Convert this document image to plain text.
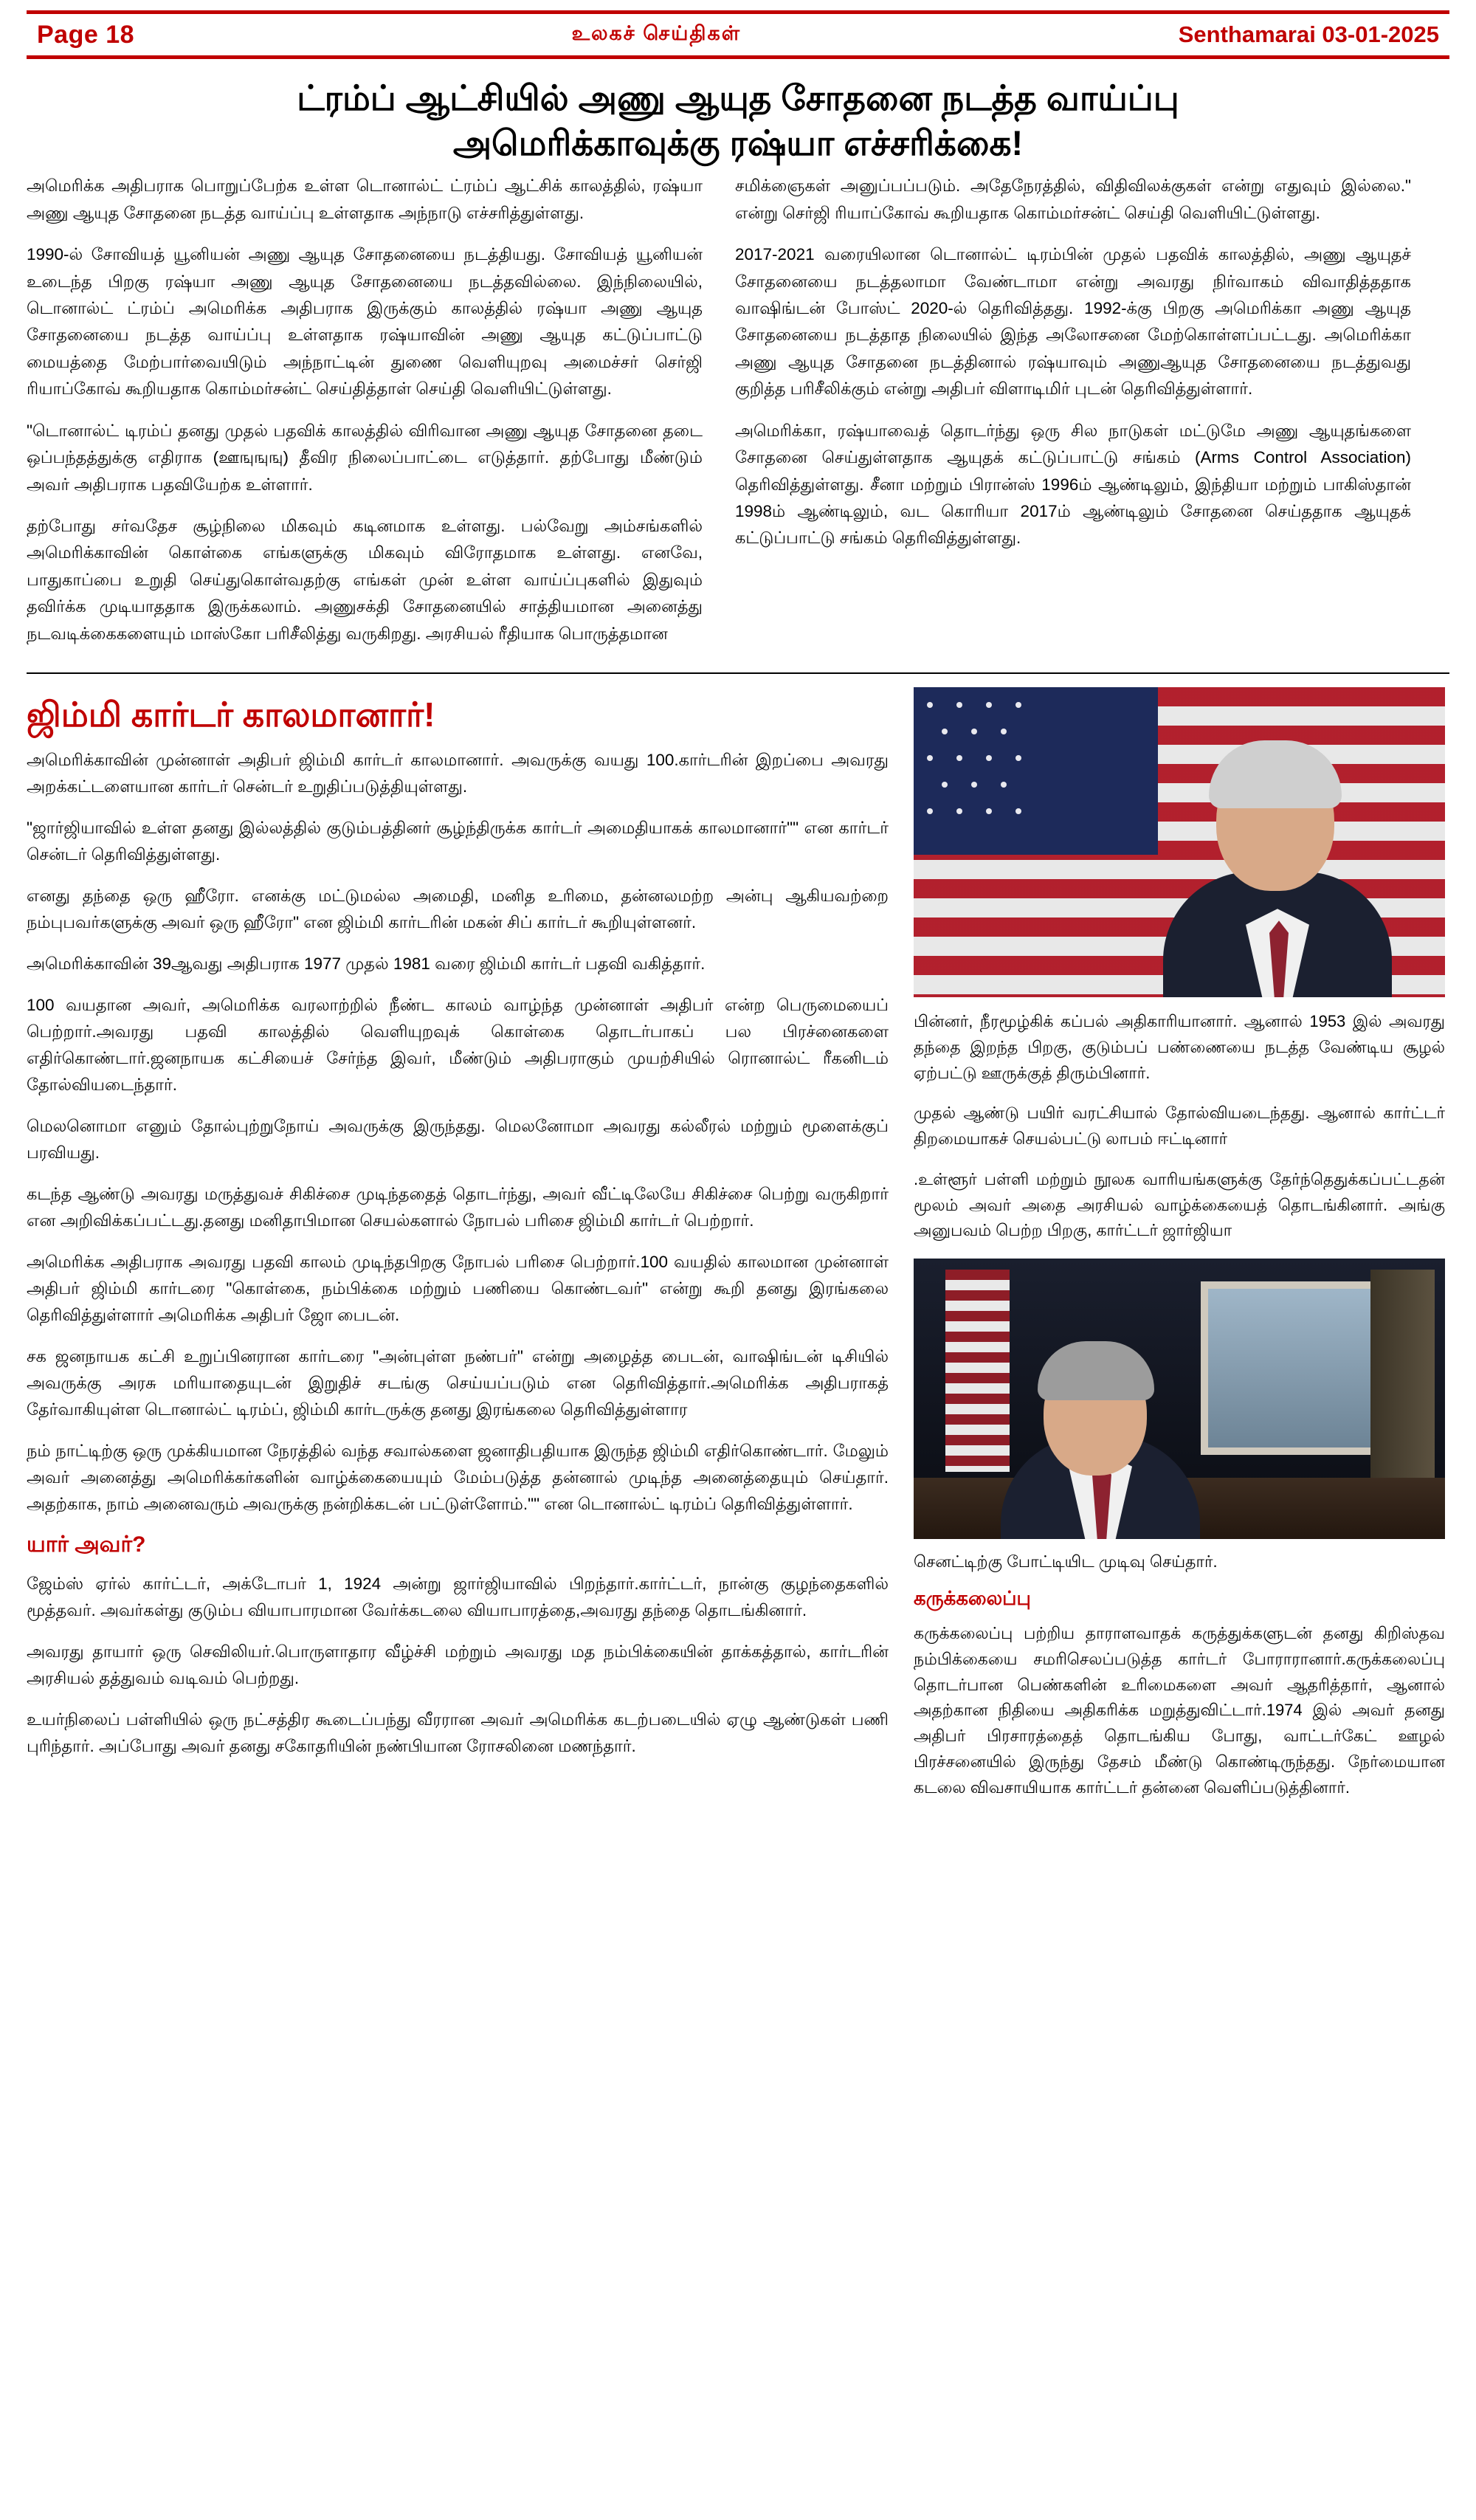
Page 18	உலகச் செய்திகள்	Senthamarai 03-01-2025
ட்ரம்ப் ஆட்சியில் அணு ஆயுத சோதனை நடத்த வாய்ப்பு
அமெரிக்காவுக்கு ரஷ்யா எச்சரிக்கை!

அமெரிக்க அதிபராக பொறுப்பேற்க உள்ள டொனால்ட் ட்ரம்ப் ஆட்சிக் காலத்தில், ரஷ்யா அணு ஆயுத சோதனை நடத்த வாய்ப்பு உள்ளதாக அந்நாடு எச்சரித்துள்ளது.

1990-ல் சோவியத் யூனியன் அணு ஆயுத சோதனையை நடத்தியது. சோவியத் யூனியன் உடைந்த பிறகு ரஷ்யா அணு ஆயுத சோதனையை நடத்தவில்லை. இந்நிலையில், டொனால்ட் ட்ரம்ப் அமெரிக்க அதிபராக இருக்கும் காலத்தில் ரஷ்யா அணு ஆயுத சோதனையை நடத்த வாய்ப்பு உள்ளதாக ரஷ்யாவின் அணு ஆயுத கட்டுப்பாட்டு மையத்தை மேற்பார்வையிடும் அந்நாட்டின் துணை வெளியுறவு அமைச்சர் செர்ஜி ரியாப்கோவ் கூறியதாக கொம்மர்சன்ட் செய்தித்தாள் செய்தி வெளியிட்டுள்ளது.

"டொனால்ட் டிரம்ப் தனது முதல் பதவிக் காலத்தில் விரிவான அணு ஆயுத சோதனை தடை ஒப்பந்தத்துக்கு எதிராக (ஊஙுஙுஙு) தீவிர நிலைப்பாட்டை எடுத்தார். தற்போது மீண்டும் அவர் அதிபராக பதவியேற்க உள்ளார்.

தற்போது சர்வதேச சூழ்நிலை மிகவும் கடினமாக உள்ளது. பல்வேறு அம்சங்களில் அமெரிக்காவின் கொள்கை எங்களுக்கு மிகவும் விரோதமாக உள்ளது. எனவே, பாதுகாப்பை உறுதி செய்துகொள்வதற்கு எங்கள் முன் உள்ள வாய்ப்புகளில் இதுவும் தவிர்க்க முடியாததாக இருக்கலாம். அணுசக்தி சோதனையில் சாத்தியமான அனைத்து நடவடிக்கைகளையும் மாஸ்கோ பரிசீலித்து வருகிறது. அரசியல் ரீதியாக பொருத்தமான

சமிக்ஞைகள் அனுப்பப்படும். அதேநேரத்தில், விதிவிலக்குகள் என்று எதுவும் இல்லை." என்று செர்ஜி ரியாப்கோவ் கூறியதாக கொம்மர்சன்ட் செய்தி வெளியிட்டுள்ளது.

2017-2021 வரையிலான டொனால்ட் டிரம்பின் முதல் பதவிக் காலத்தில், அணு ஆயுதச் சோதனையை நடத்தலாமா வேண்டாமா என்று அவரது நிர்வாகம் விவாதித்ததாக வாஷிங்டன் போஸ்ட் 2020-ல் தெரிவித்தது. 1992-க்கு பிறகு அமெரிக்கா அணு ஆயுத சோதனையை நடத்தாத நிலையில் இந்த அலோசனை மேற்கொள்ளப்பட்டது. அமெரிக்கா அணு ஆயுத சோதனை நடத்தினால் ரஷ்யாவும் அணுஆயுத சோதனையை நடத்துவது குறித்த பரிசீலிக்கும் என்று அதிபர் விளாடிமிர் புடன் தெரிவித்துள்ளார்.

அமெரிக்கா, ரஷ்யாவைத் தொடர்ந்து ஒரு சில நாடுகள் மட்டுமே அணு ஆயுதங்களை சோதனை செய்துள்ளதாக ஆயுதக் கட்டுப்பாட்டு சங்கம் (Arms Control Association) தெரிவித்துள்ளது. சீனா மற்றும் பிரான்ஸ் 1996ம் ஆண்டிலும், இந்தியா மற்றும் பாகிஸ்தான் 1998ம் ஆண்டிலும், வட கொரியா 2017ம் ஆண்டிலும் சோதனை செய்ததாக ஆயுதக் கட்டுப்பாட்டு சங்கம் தெரிவித்துள்ளது.

ஜிம்மி கார்டர் காலமானார்!

அமெரிக்காவின் முன்னாள் அதிபர் ஜிம்மி கார்டர் காலமானார். அவருக்கு வயது 100.கார்டரின் இறப்பை அவரது அறக்கட்டளையான கார்டர் சென்டர் உறுதிப்படுத்தியுள்ளது.

"ஜார்ஜியாவில் உள்ள தனது இல்லத்தில் குடும்பத்தினர் சூழ்ந்திருக்க கார்டர் அமைதியாகக் காலமானார்"" என கார்டர் சென்டர் தெரிவித்துள்ளது.

எனது தந்தை ஒரு ஹீரோ. எனக்கு மட்டுமல்ல அமைதி, மனித உரிமை, தன்னலமற்ற அன்பு ஆகியவற்றை நம்புபவர்களுக்கு அவர் ஒரு ஹீரோ" என ஜிம்மி கார்டரின் மகன் சிப் கார்டர் கூறியுள்ளனர்.

அமெரிக்காவின் 39ஆவது அதிபராக 1977 முதல் 1981 வரை ஜிம்மி கார்டர் பதவி வகித்தார்.

100 வயதான அவர், அமெரிக்க வரலாற்றில் நீண்ட காலம் வாழ்ந்த முன்னாள் அதிபர் என்ற பெருமையைப் பெற்றார்.அவரது பதவி காலத்தில் வெளியுறவுக் கொள்கை தொடர்பாகப் பல பிரச்னைகளை எதிர்கொண்டார்.ஜனநாயக கட்சியைச் சேர்ந்த இவர், மீண்டும் அதிபராகும் முயற்சியில் ரொனால்ட் ரீகனிடம் தோல்வியடைந்தார்.

மெலனொமா எனும் தோல்புற்றுநோய் அவருக்கு இருந்தது. மெலனோமா அவரது கல்லீரல் மற்றும் மூளைக்குப் பரவியது.

கடந்த ஆண்டு அவரது மருத்துவச் சிகிச்சை முடிந்ததைத் தொடர்ந்து, அவர் வீட்டிலேயே சிகிச்சை பெற்று வருகிறார் என அறிவிக்கப்பட்டது.தனது மனிதாபிமான செயல்களால் நோபல் பரிசை ஜிம்மி கார்டர் பெற்றார்.

அமெரிக்க அதிபராக அவரது பதவி காலம் முடிந்தபிறகு நோபல் பரிசை பெற்றார்.100 வயதில் காலமான முன்னாள் அதிபர் ஜிம்மி கார்டரை "கொள்கை, நம்பிக்கை மற்றும் பணியை கொண்டவர்" என்று கூறி தனது இரங்கலை தெரிவித்துள்ளார் அமெரிக்க அதிபர் ஜோ பைடன்.

சக ஜனநாயக கட்சி உறுப்பினரான கார்டரை "அன்புள்ள நண்பர்" என்று அழைத்த பைடன், வாஷிங்டன் டிசியில் அவருக்கு அரசு மரியாதையுடன் இறுதிச் சடங்கு செய்யப்படும் என தெரிவித்தார்.அமெரிக்க அதிபராகத் தேர்வாகியுள்ள டொனால்ட் டிரம்ப், ஜிம்மி கார்டருக்கு தனது இரங்கலை தெரிவித்துள்ளார

நம் நாட்டிற்கு ஒரு முக்கியமான நேரத்தில் வந்த சவால்களை ஜனாதிபதியாக இருந்த ஜிம்மி எதிர்கொண்டார். மேலும் அவர் அனைத்து அமெரிக்கர்களின் வாழ்க்கையையும் மேம்படுத்த தன்னால் முடிந்த அனைத்தையும் செய்தார். அதற்காக, நாம் அனைவரும் அவருக்கு நன்றிக்கடன் பட்டுள்ளோம்."" என டொனால்ட் டிரம்ப் தெரிவித்துள்ளார்.

யார் அவர்?

ஜேம்ஸ் ஏர்ல் கார்ட்டர், அக்டோபர் 1, 1924 அன்று ஜார்ஜியாவில் பிறந்தார்.கார்ட்டர், நான்கு குழந்தைகளில் மூத்தவர். அவர்கள்து குடும்ப வியாபாரமான வேர்க்கடலை வியாபாரத்தை,அவரது தந்தை தொடங்கினார்.

அவரது தாயார் ஒரு செவிலியர்.பொருளாதார வீழ்ச்சி மற்றும் அவரது மத நம்பிக்கையின் தாக்கத்தால், கார்டரின் அரசியல் தத்துவம் வடிவம் பெற்றது.

உயர்நிலைப் பள்ளியில் ஒரு நட்சத்திர கூடைப்பந்து வீரரான அவர் அமெரிக்க கடற்படையில் ஏழு ஆண்டுகள் பணி புரிந்தார். அப்போது அவர் தனது சகோதரியின் நண்பியான ரோசலினை மணந்தார்.

பின்னர், நீரமூழ்கிக் கப்பல் அதிகாரியானார். ஆனால் 1953 இல் அவரது தந்தை இறந்த பிறகு, குடும்பப் பண்ணையை நடத்த வேண்டிய சூழல் ஏற்பட்டு ஊருக்குத் திரும்பினார்.

முதல் ஆண்டு பயிர் வரட்சியால் தோல்வியடைந்தது. ஆனால் கார்ட்டர் திறமையாகச் செயல்பட்டு லாபம் ஈட்டினார்

.உள்ளூர் பள்ளி மற்றும் நூலக வாரியங்களுக்கு தேர்ந்தெதுக்கப்பட்டதன் மூலம் அவர் அதை அரசியல் வாழ்க்கையைத் தொடங்கினார். அங்கு அனுபவம் பெற்ற பிறகு, கார்ட்டர் ஜார்ஜியா

செனட்டிற்கு போட்டியிட முடிவு செய்தார்.
கருக்கலைப்பு

கருக்கலைப்பு பற்றிய தாராளவாதக் கருத்துக்களுடன் தனது கிறிஸ்தவ நம்பிக்கையை சமரிசெலப்படுத்த கார்டர் போராரானார்.கருக்கலைப்பு தொடர்பான பெண்களின் உரிமைகளை அவர் ஆதரித்தார், ஆனால் அதற்கான நிதியை அதிகரிக்க மறுத்துவிட்டார்.1974 இல் அவர் தனது அதிபர் பிரசாரத்தைத் தொடங்கிய போது, வாட்டர்கேட் ஊழல் பிரச்சனையில் இருந்து தேசம் மீண்டு கொண்டிருந்தது. நேர்மையான கடலை விவசாயியாக கார்ட்டர் தன்னை வெளிப்படுத்தினார்.
